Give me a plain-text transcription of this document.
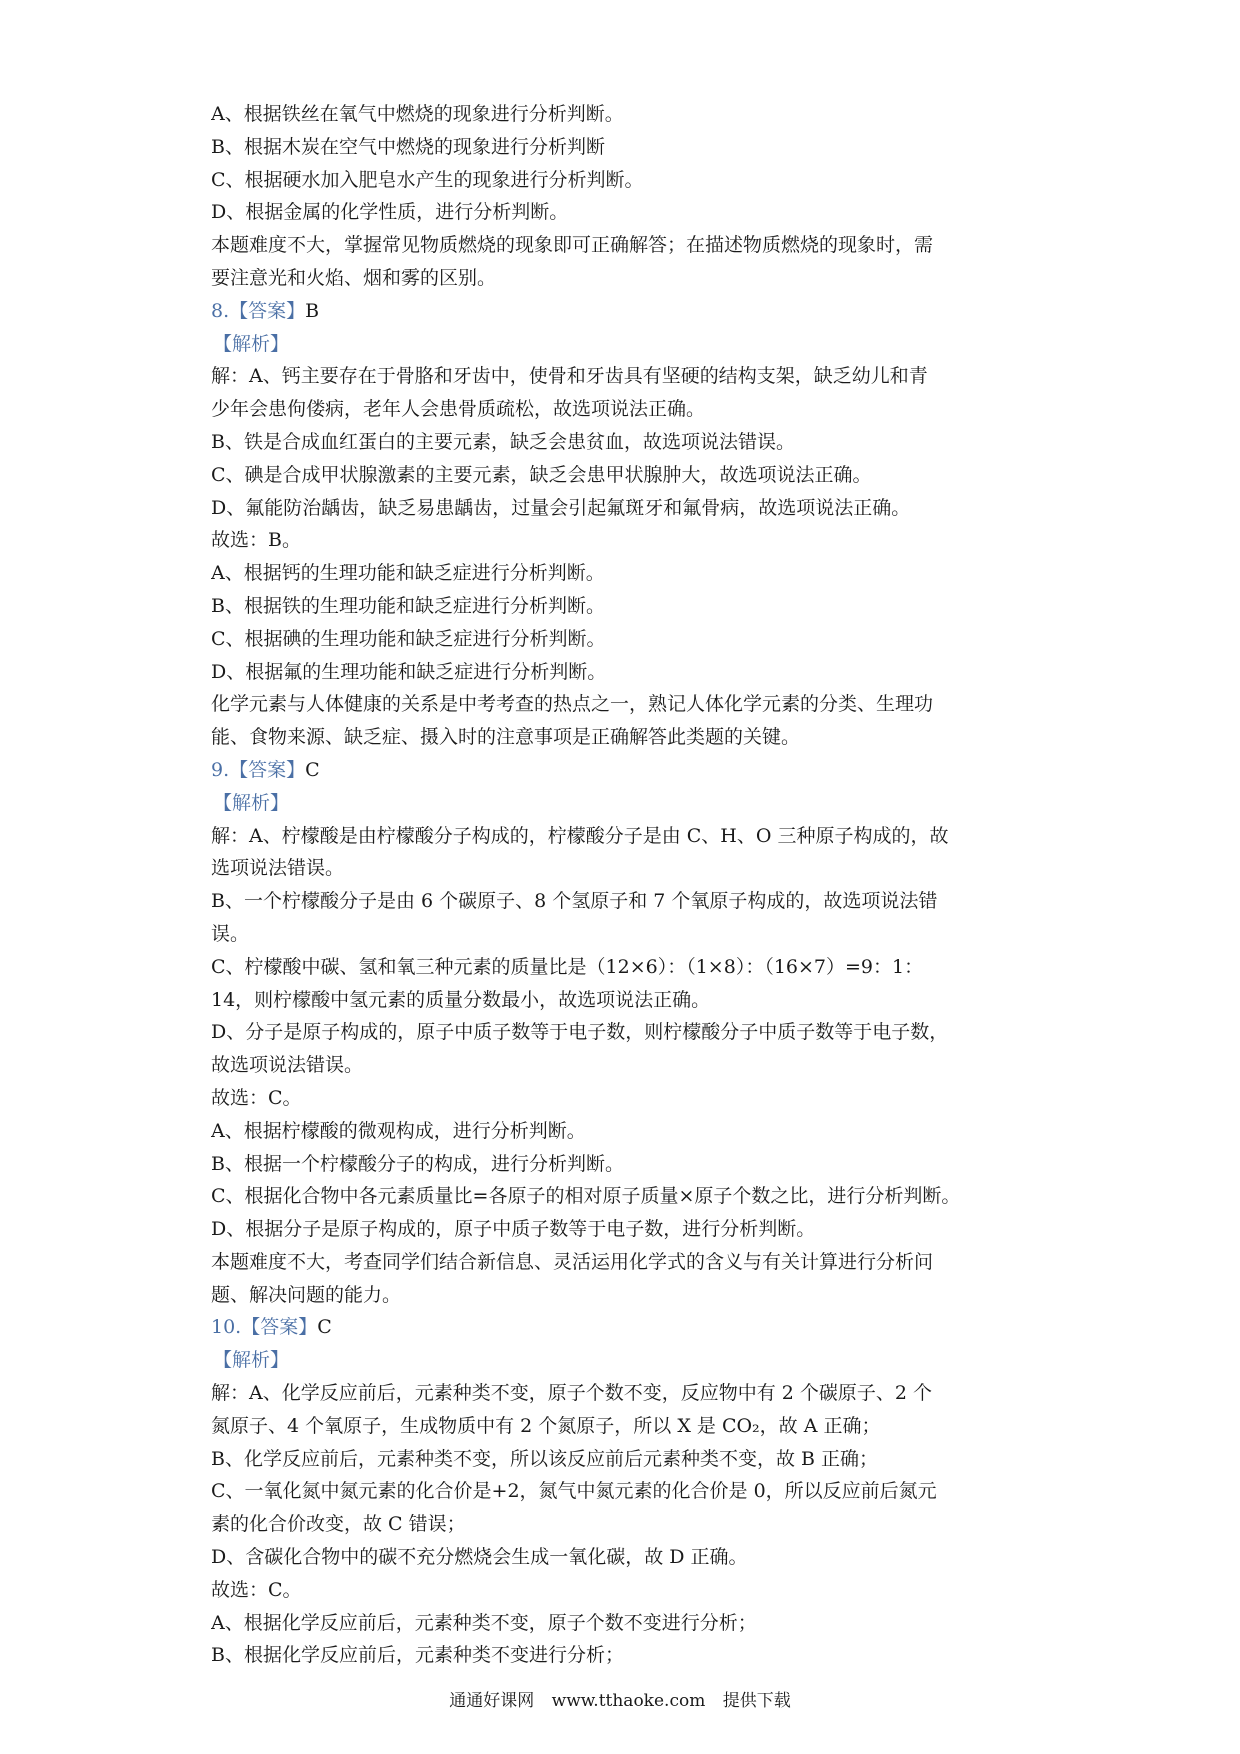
A、根据铁丝在氧气中燃烧的现象进行分析判断。
B、根据木炭在空气中燃烧的现象进行分析判断
C、根据硬水加入肥皂水产生的现象进行分析判断。
D、根据金属的化学性质，进行分析判断。
本题难度不大，掌握常见物质燃烧的现象即可正确解答；在描述物质燃烧的现象时，需
要注意光和火焰、烟和雾的区别。
8.【答案】B
【解析】
解：A、钙主要存在于骨胳和牙齿中，使骨和牙齿具有坚硬的结构支架，缺乏幼儿和青
少年会患佝偻病，老年人会患骨质疏松，故选项说法正确。
B、铁是合成血红蛋白的主要元素，缺乏会患贫血，故选项说法错误。
C、碘是合成甲状腺激素的主要元素，缺乏会患甲状腺肿大，故选项说法正确。
D、氟能防治龋齿，缺乏易患龋齿，过量会引起氟斑牙和氟骨病，故选项说法正确。
故选：B。
A、根据钙的生理功能和缺乏症进行分析判断。
B、根据铁的生理功能和缺乏症进行分析判断。
C、根据碘的生理功能和缺乏症进行分析判断。
D、根据氟的生理功能和缺乏症进行分析判断。
化学元素与人体健康的关系是中考考查的热点之一，熟记人体化学元素的分类、生理功
能、食物来源、缺乏症、摄入时的注意事项是正确解答此类题的关键。
9.【答案】C
【解析】
解：A、柠檬酸是由柠檬酸分子构成的，柠檬酸分子是由 C、H、O 三种原子构成的，故
选项说法错误。
B、一个柠檬酸分子是由 6 个碳原子、8 个氢原子和 7 个氧原子构成的，故选项说法错
误。
C、柠檬酸中碳、氢和氧三种元素的质量比是（12×6）：（1×8）：（16×7）=9：1：
14，则柠檬酸中氢元素的质量分数最小，故选项说法正确。
D、分子是原子构成的，原子中质子数等于电子数，则柠檬酸分子中质子数等于电子数，
故选项说法错误。
故选：C。
A、根据柠檬酸的微观构成，进行分析判断。
B、根据一个柠檬酸分子的构成，进行分析判断。
C、根据化合物中各元素质量比=各原子的相对原子质量×原子个数之比，进行分析判断。
D、根据分子是原子构成的，原子中质子数等于电子数，进行分析判断。
本题难度不大，考查同学们结合新信息、灵活运用化学式的含义与有关计算进行分析问
题、解决问题的能力。
10.【答案】C
【解析】
解：A、化学反应前后，元素种类不变，原子个数不变，反应物中有 2 个碳原子、2 个
氮原子、4 个氧原子，生成物质中有 2 个氮原子，所以 X 是 CO₂，故 A 正确；
B、化学反应前后，元素种类不变，所以该反应前后元素种类不变，故 B 正确；
C、一氧化氮中氮元素的化合价是+2，氮气中氮元素的化合价是 0，所以反应前后氮元
素的化合价改变，故 C 错误；
D、含碳化合物中的碳不充分燃烧会生成一氧化碳，故 D 正确。
故选：C。
A、根据化学反应前后，元素种类不变，原子个数不变进行分析；
B、根据化学反应前后，元素种类不变进行分析；
通通好课网 www.tthaoke.com 提供下载
